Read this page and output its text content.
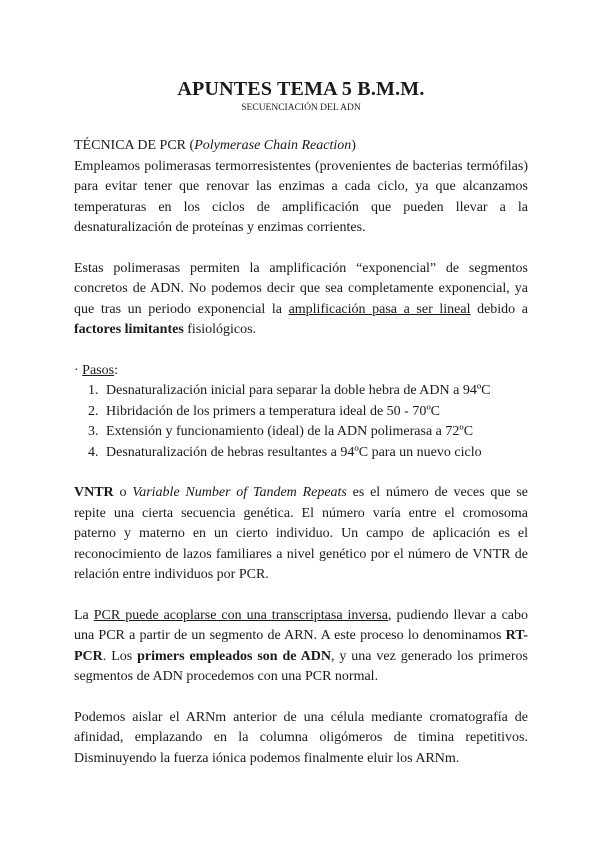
APUNTES TEMA 5 B.M.M.
SECUENCIACIÓN DEL ADN

TÉCNICA DE PCR (Polymerase Chain Reaction)

Empleamos polimerasas termorresistentes (provenientes de bacterias termófilas) para evitar tener que renovar las enzimas a cada ciclo, ya que alcanzamos temperaturas en los ciclos de amplificación que pueden llevar a la desnaturalización de proteínas y enzimas corrientes.

Estas polimerasas permiten la amplificación “exponencial” de segmentos concretos de ADN. No podemos decir que sea completamente exponencial, ya que tras un periodo exponencial la amplificación pasa a ser lineal debido a factores limitantes fisiológicos.

· Pasos:

1. Desnaturalización inicial para separar la doble hebra de ADN a 94ºC
2. Hibridación de los primers a temperatura ideal de 50 - 70ºC
3. Extensión y funcionamiento (ideal) de la ADN polimerasa a 72ºC
4. Desnaturalización de hebras resultantes a 94ºC para un nuevo ciclo

VNTR o Variable Number of Tandem Repeats es el número de veces que se repite una cierta secuencia genética. El número varía entre el cromosoma paterno y materno en un cierto individuo. Un campo de aplicación es el reconocimiento de lazos familiares a nivel genético por el número de VNTR de relación entre individuos por PCR.

La PCR puede acoplarse con una transcriptasa inversa, pudiendo llevar a cabo una PCR a partir de un segmento de ARN. A este proceso lo denominamos RT-PCR. Los primers empleados son de ADN, y una vez generado los primeros segmentos de ADN procedemos con una PCR normal.

Podemos aislar el ARNm anterior de una célula mediante cromatografía de afinidad, emplazando en la columna oligómeros de timina repetitivos. Disminuyendo la fuerza iónica podemos finalmente eluir los ARNm.
